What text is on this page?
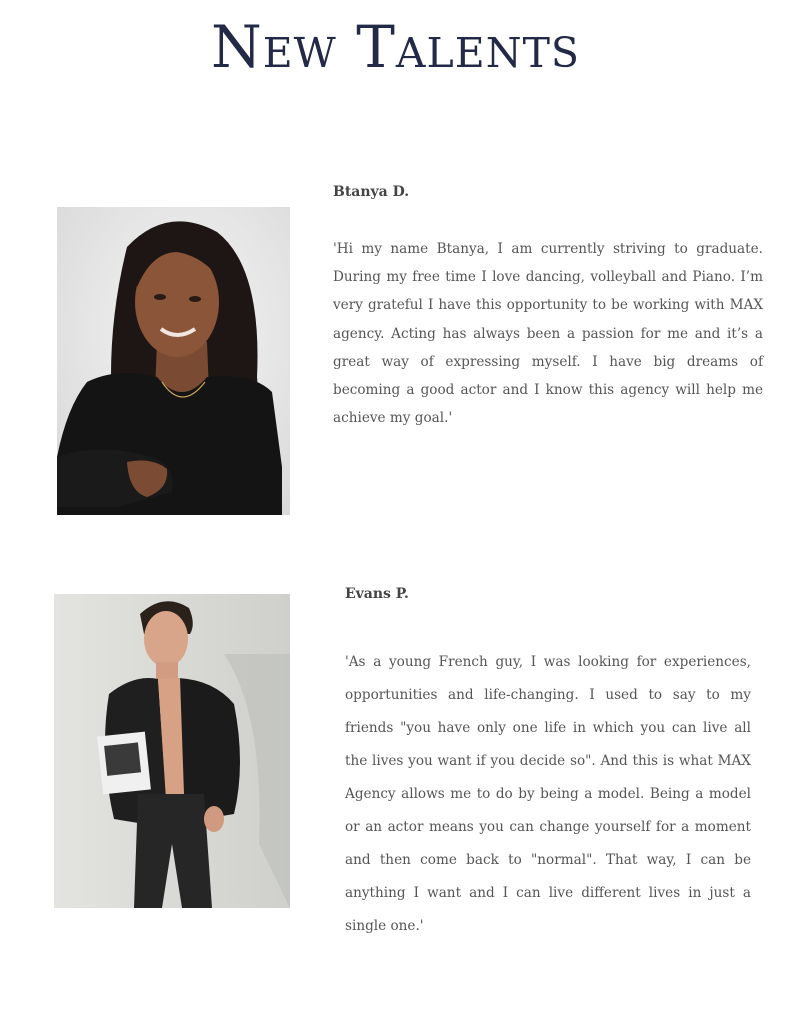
New Talents

Btanya D.

'Hi my name Btanya, I am currently striving to graduate. During my free time I love dancing, volleyball and Piano. I’m very grateful I have this opportunity to be working with MAX agency. Acting has always been a passion for me and it’s a great way of expressing myself. I have big dreams of becoming a good actor and I know this agency will help me achieve my goal.'

Evans P.

'As a young French guy, I was looking for experiences, opportunities and life-changing. I used to say to my friends "you have only one life in which you can live all the lives you want if you decide so". And this is what MAX Agency allows me to do by being a model. Being a model or an actor means you can change yourself for a moment and then come back to "normal". That way, I can be anything I want and I can live different lives in just a single one.'
